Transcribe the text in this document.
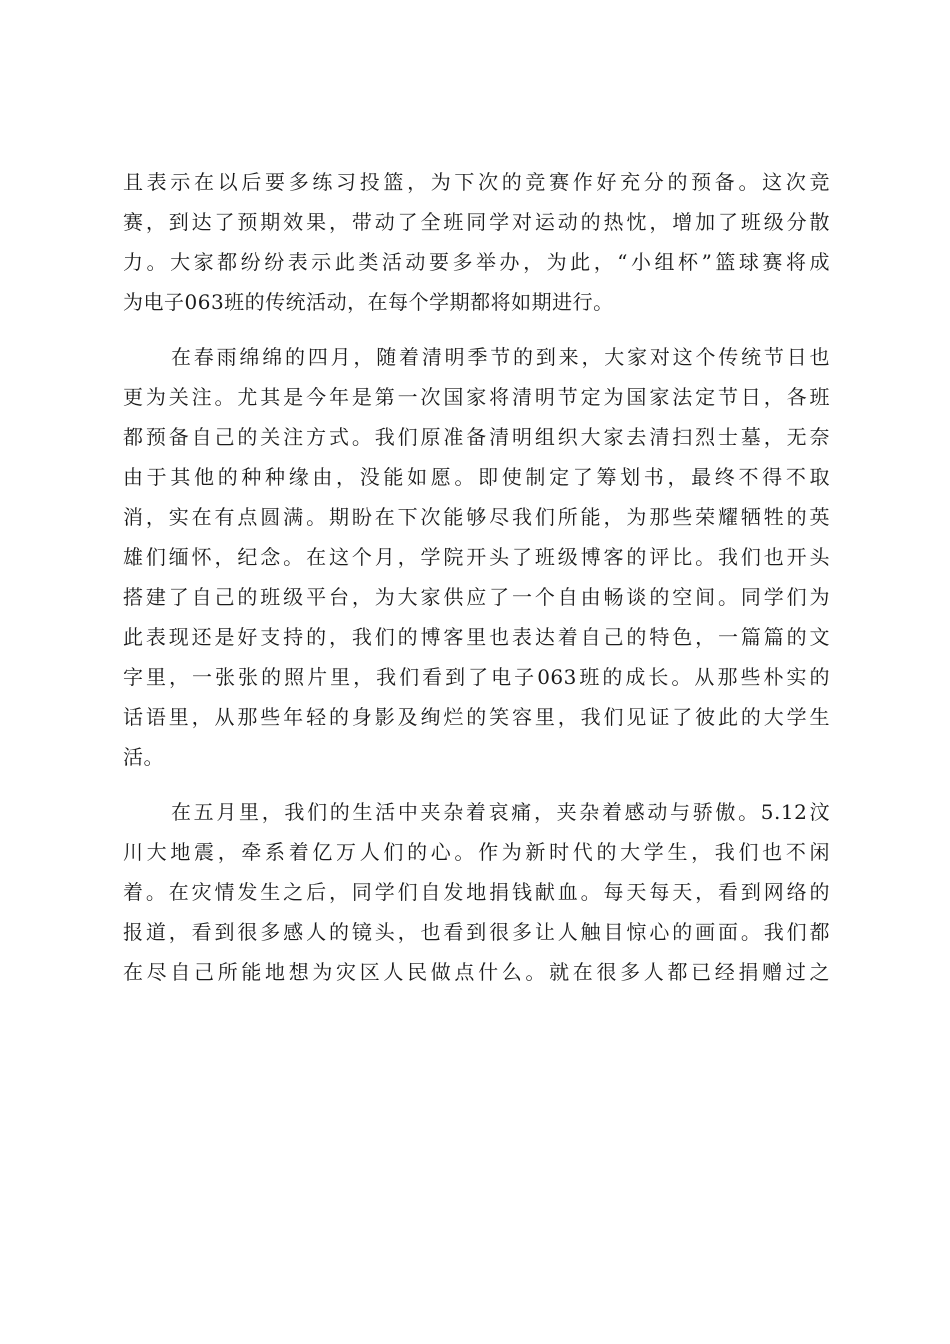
且表示在以后要多练习投篮，为下次的竞赛作好充分的预备。这次竞
赛，到达了预期效果，带动了全班同学对运动的热忱，增加了班级分散
力。大家都纷纷表示此类活动要多举办，为此，“小组杯”篮球赛将成
为电子063班的传统活动，在每个学期都将如期进行。
在春雨绵绵的四月，随着清明季节的到来，大家对这个传统节日也
更为关注。尤其是今年是第一次国家将清明节定为国家法定节日，各班
都预备自己的关注方式。我们原准备清明组织大家去清扫烈士墓，无奈
由于其他的种种缘由，没能如愿。即使制定了筹划书，最终不得不取
消，实在有点圆满。期盼在下次能够尽我们所能，为那些荣耀牺牲的英
雄们缅怀，纪念。在这个月，学院开头了班级博客的评比。我们也开头
搭建了自己的班级平台，为大家供应了一个自由畅谈的空间。同学们为
此表现还是好支持的，我们的博客里也表达着自己的特色，一篇篇的文
字里，一张张的照片里，我们看到了电子063班的成长。从那些朴实的
话语里，从那些年轻的身影及绚烂的笑容里，我们见证了彼此的大学生
活。
在五月里，我们的生活中夹杂着哀痛，夹杂着感动与骄傲。5.12汶
川大地震，牵系着亿万人们的心。作为新时代的大学生，我们也不闲
着。在灾情发生之后，同学们自发地捐钱献血。每天每天，看到网络的
报道，看到很多感人的镜头，也看到很多让人触目惊心的画面。我们都
在尽自己所能地想为灾区人民做点什么。就在很多人都已经捐赠过之
